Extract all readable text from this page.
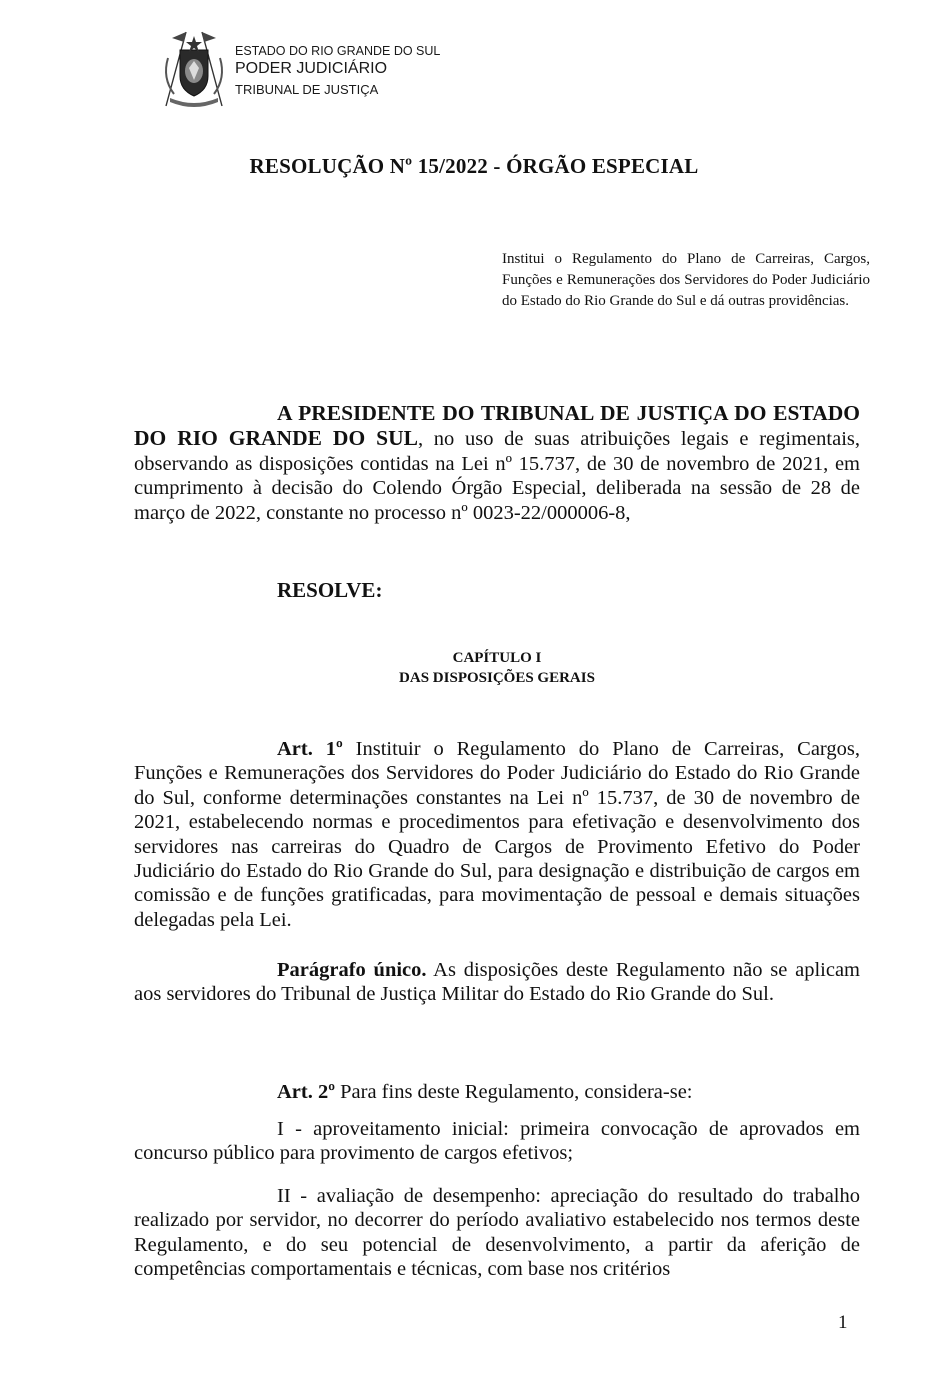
ESTADO DO RIO GRANDE DO SUL
PODER JUDICIÁRIO
TRIBUNAL DE JUSTIÇA
RESOLUÇÃO Nº 15/2022 - ÓRGÃO ESPECIAL

Institui o Regulamento do Plano de Carreiras, Cargos, Funções e Remunerações dos Servidores do Poder Judiciário do Estado do Rio Grande do Sul e dá outras providências.

A PRESIDENTE DO TRIBUNAL DE JUSTIÇA DO ESTADO DO RIO GRANDE DO SUL, no uso de suas atribuições legais e regimentais, observando as disposições contidas na Lei nº 15.737, de 30 de novembro de 2021, em cumprimento à decisão do Colendo Órgão Especial, deliberada na sessão de 28 de março de 2022, constante no processo nº 0023-22/000006-8,

RESOLVE:

CAPÍTULO I

DAS DISPOSIÇÕES GERAIS

Art. 1º Instituir o Regulamento do Plano de Carreiras, Cargos, Funções e Remunerações dos Servidores do Poder Judiciário do Estado do Rio Grande do Sul, conforme determinações constantes na Lei nº 15.737, de 30 de novembro de 2021, estabelecendo normas e procedimentos para efetivação e desenvolvimento dos servidores nas carreiras do Quadro de Cargos de Provimento Efetivo do Poder Judiciário do Estado do Rio Grande do Sul, para designação e distribuição de cargos em comissão e de funções gratificadas, para movimentação de pessoal e demais situações delegadas pela Lei.

Parágrafo único. As disposições deste Regulamento não se aplicam aos servidores do Tribunal de Justiça Militar do Estado do Rio Grande do Sul.

Art. 2º Para fins deste Regulamento, considera-se:

I - aproveitamento inicial: primeira convocação de aprovados em concurso público para provimento de cargos efetivos;

II - avaliação de desempenho: apreciação do resultado do trabalho realizado por servidor, no decorrer do período avaliativo estabelecido nos termos deste Regulamento, e do seu potencial de desenvolvimento, a partir da aferição de competências comportamentais e técnicas, com base nos critérios

1
